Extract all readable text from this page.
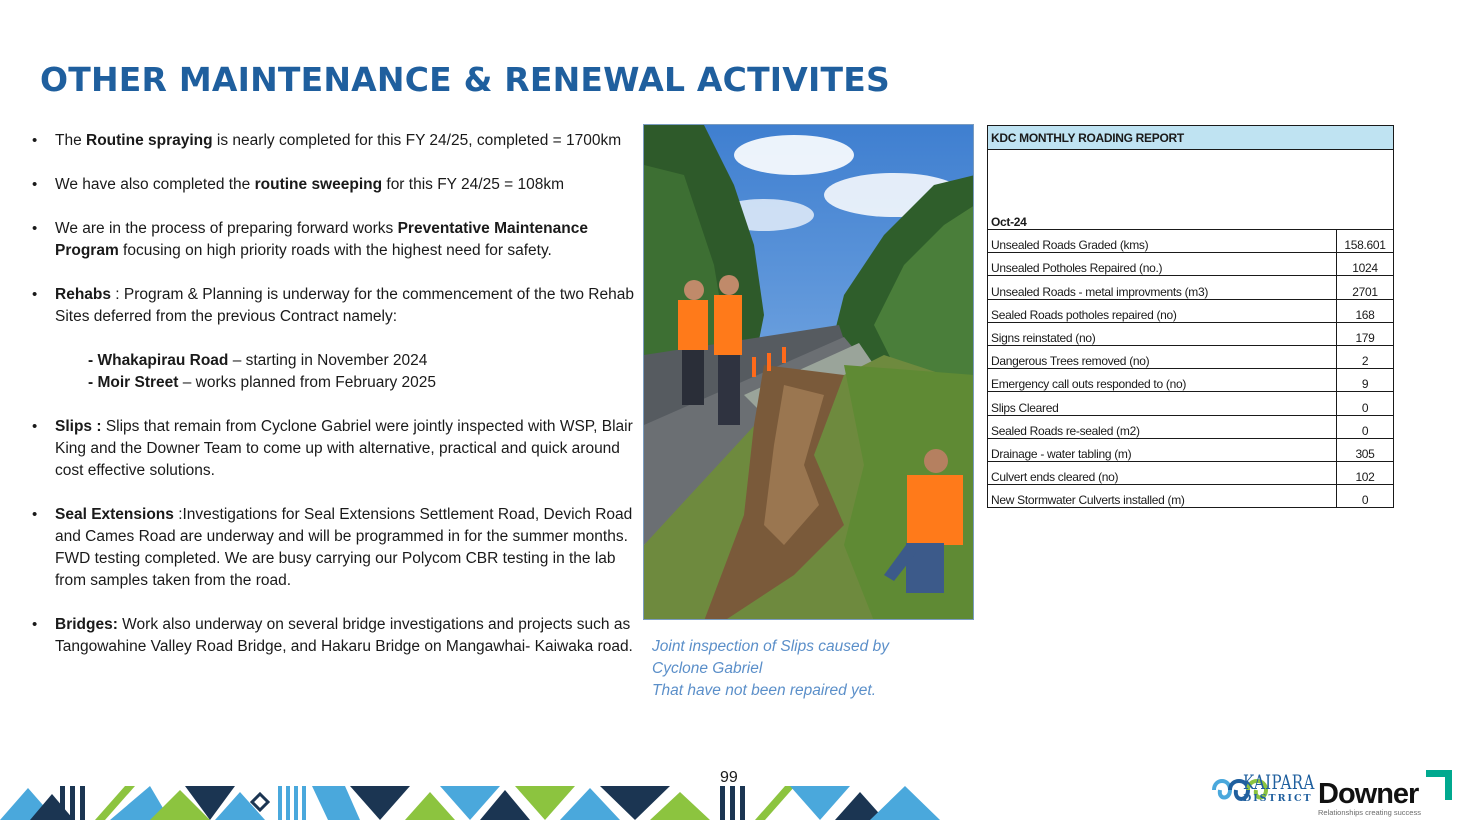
OTHER MAINTENANCE & RENEWAL ACTIVITES
• The Routine spraying is nearly completed for this FY 24/25, completed = 1700km
• We have also completed the routine sweeping for this FY 24/25 = 108km
• We are in the process of preparing forward works Preventative Maintenance Program focusing on high priority roads with the highest need for safety.
• Rehabs : Program & Planning is underway for the commencement of the two Rehab Sites deferred from the previous Contract namely:
- Whakapirau Road – starting in November 2024
- Moir Street – works planned from February 2025
• Slips : Slips that remain from Cyclone Gabriel were jointly inspected with WSP, Blair King and the Downer Team to come up with alternative, practical and quick around cost effective solutions.
• Seal Extensions :Investigations for Seal Extensions Settlement Road, Devich Road and Cames Road are underway and will be programmed in for the summer months. FWD testing completed. We are busy carrying our Polycom CBR testing in the lab from samples taken from the road.
• Bridges: Work also underway on several bridge investigations and projects such as Tangowahine Valley Road Bridge, and Hakaru Bridge on Mangawhai- Kaiwaka road.	Joint inspection of Slips caused by
Cyclone Gabriel
That have not been repaired yet.
KDC MONTHLY ROADING REPORT	

Oct-24	
Unsealed Roads Graded (kms)	158.601
Unsealed Potholes Repaired (no.)	1024
Unsealed Roads - metal improvments (m3)	2701
Sealed Roads potholes repaired (no)	168
Signs reinstated (no)	179
Dangerous Trees removed (no)	2
Emergency call outs responded to (no)	9
Slips Cleared	0
Sealed Roads re-sealed (m2)	0
Drainage - water tabling (m)	305
Culvert ends cleared (no)	102
New Stormwater Culverts installed (m)	0
99	KAIPARA
DISTRICT Downer
Relationships creating success
